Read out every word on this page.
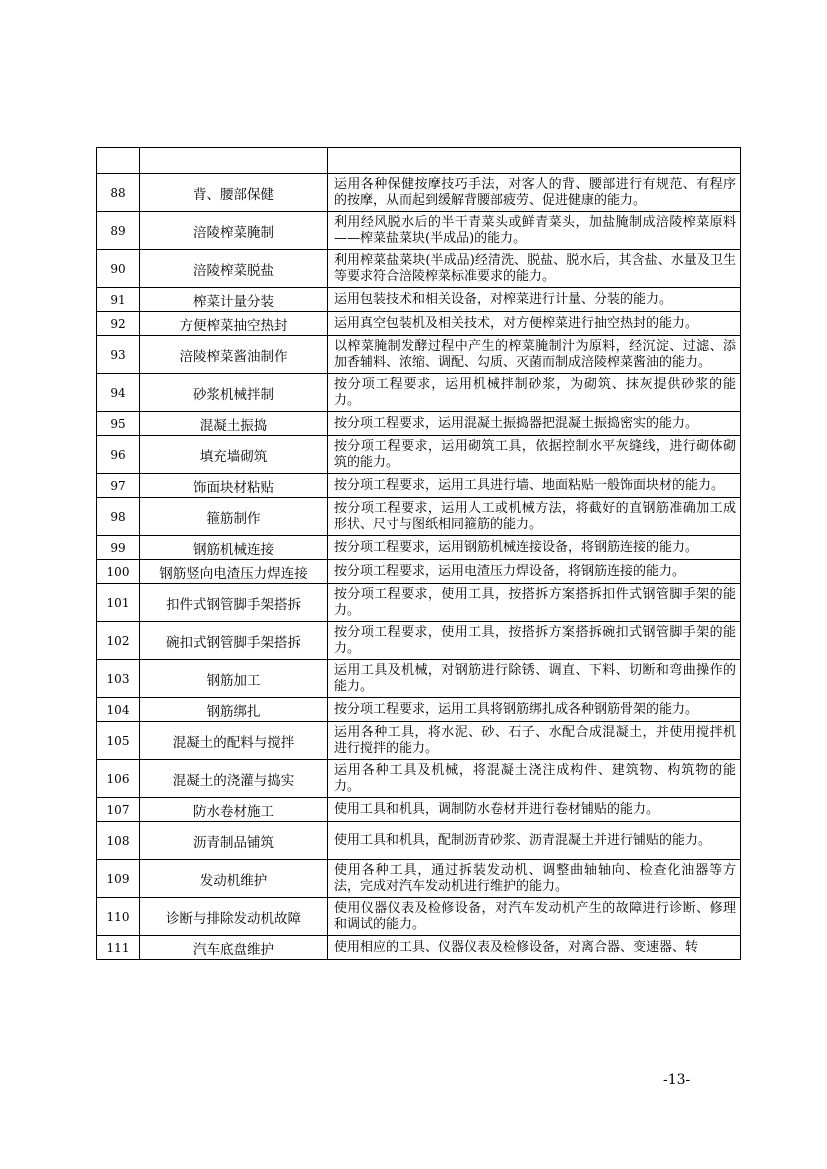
88	背、腰部保健	运用各种保健按摩技巧手法，对客人的背、腰部进行有规范、有程序的按摩，从而起到缓解背腰部疲劳、促进健康的能力。
89	涪陵榨菜腌制	利用经风脱水后的半干青菜头或鲜青菜头，加盐腌制成涪陵榨菜原料——榨菜盐菜块(半成品)的能力。
90	涪陵榨菜脱盐	利用榨菜盐菜块(半成品)经清洗、脱盐、脱水后，其含盐、水量及卫生等要求符合涪陵榨菜标准要求的能力。
91	榨菜计量分装	运用包装技术和相关设备，对榨菜进行计量、分装的能力。
92	方便榨菜抽空热封	运用真空包装机及相关技术，对方便榨菜进行抽空热封的能力。
93	涪陵榨菜酱油制作	以榨菜腌制发酵过程中产生的榨菜腌制汁为原料，经沉淀、过滤、添加香辅料、浓缩、调配、勾质、灭菌而制成涪陵榨菜酱油的能力。
94	砂浆机械拌制	按分项工程要求，运用机械拌制砂浆，为砌筑、抹灰提供砂浆的能力。
95	混凝土振捣	按分项工程要求，运用混凝土振捣器把混凝土振捣密实的能力。
96	填充墙砌筑	按分项工程要求，运用砌筑工具，依据控制水平灰缝线，进行砌体砌筑的能力。
97	饰面块材粘贴	按分项工程要求，运用工具进行墙、地面粘贴一般饰面块材的能力。
98	箍筋制作	按分项工程要求，运用人工或机械方法，将截好的直钢筋准确加工成形状、尺寸与图纸相同箍筋的能力。
99	钢筋机械连接	按分项工程要求，运用钢筋机械连接设备，将钢筋连接的能力。
100	钢筋竖向电渣压力焊连接	按分项工程要求，运用电渣压力焊设备，将钢筋连接的能力。
101	扣件式钢管脚手架搭拆	按分项工程要求，使用工具，按搭拆方案搭拆扣件式钢管脚手架的能力。
102	碗扣式钢管脚手架搭拆	按分项工程要求，使用工具，按搭拆方案搭拆碗扣式钢管脚手架的能力。
103	钢筋加工	运用工具及机械，对钢筋进行除锈、调直、下料、切断和弯曲操作的能力。
104	钢筋绑扎	按分项工程要求，运用工具将钢筋绑扎成各种钢筋骨架的能力。
105	混凝土的配料与搅拌	运用各种工具，将水泥、砂、石子、水配合成混凝土，并使用搅拌机进行搅拌的能力。
106	混凝土的浇灌与捣实	运用各种工具及机械，将混凝土浇注成构件、建筑物、构筑物的能力。
107	防水卷材施工	使用工具和机具，调制防水卷材并进行卷材铺贴的能力。
108	沥青制品铺筑	使用工具和机具，配制沥青砂浆、沥青混凝土并进行铺贴的能力。
109	发动机维护	使用各种工具，通过拆装发动机、调整曲轴轴向、检查化油器等方法，完成对汽车发动机进行维护的能力。
110	诊断与排除发动机故障	使用仪器仪表及检修设备，对汽车发动机产生的故障进行诊断、修理和调试的能力。
111	汽车底盘维护	使用相应的工具、仪器仪表及检修设备，对离合器、变速器、转
-13-
